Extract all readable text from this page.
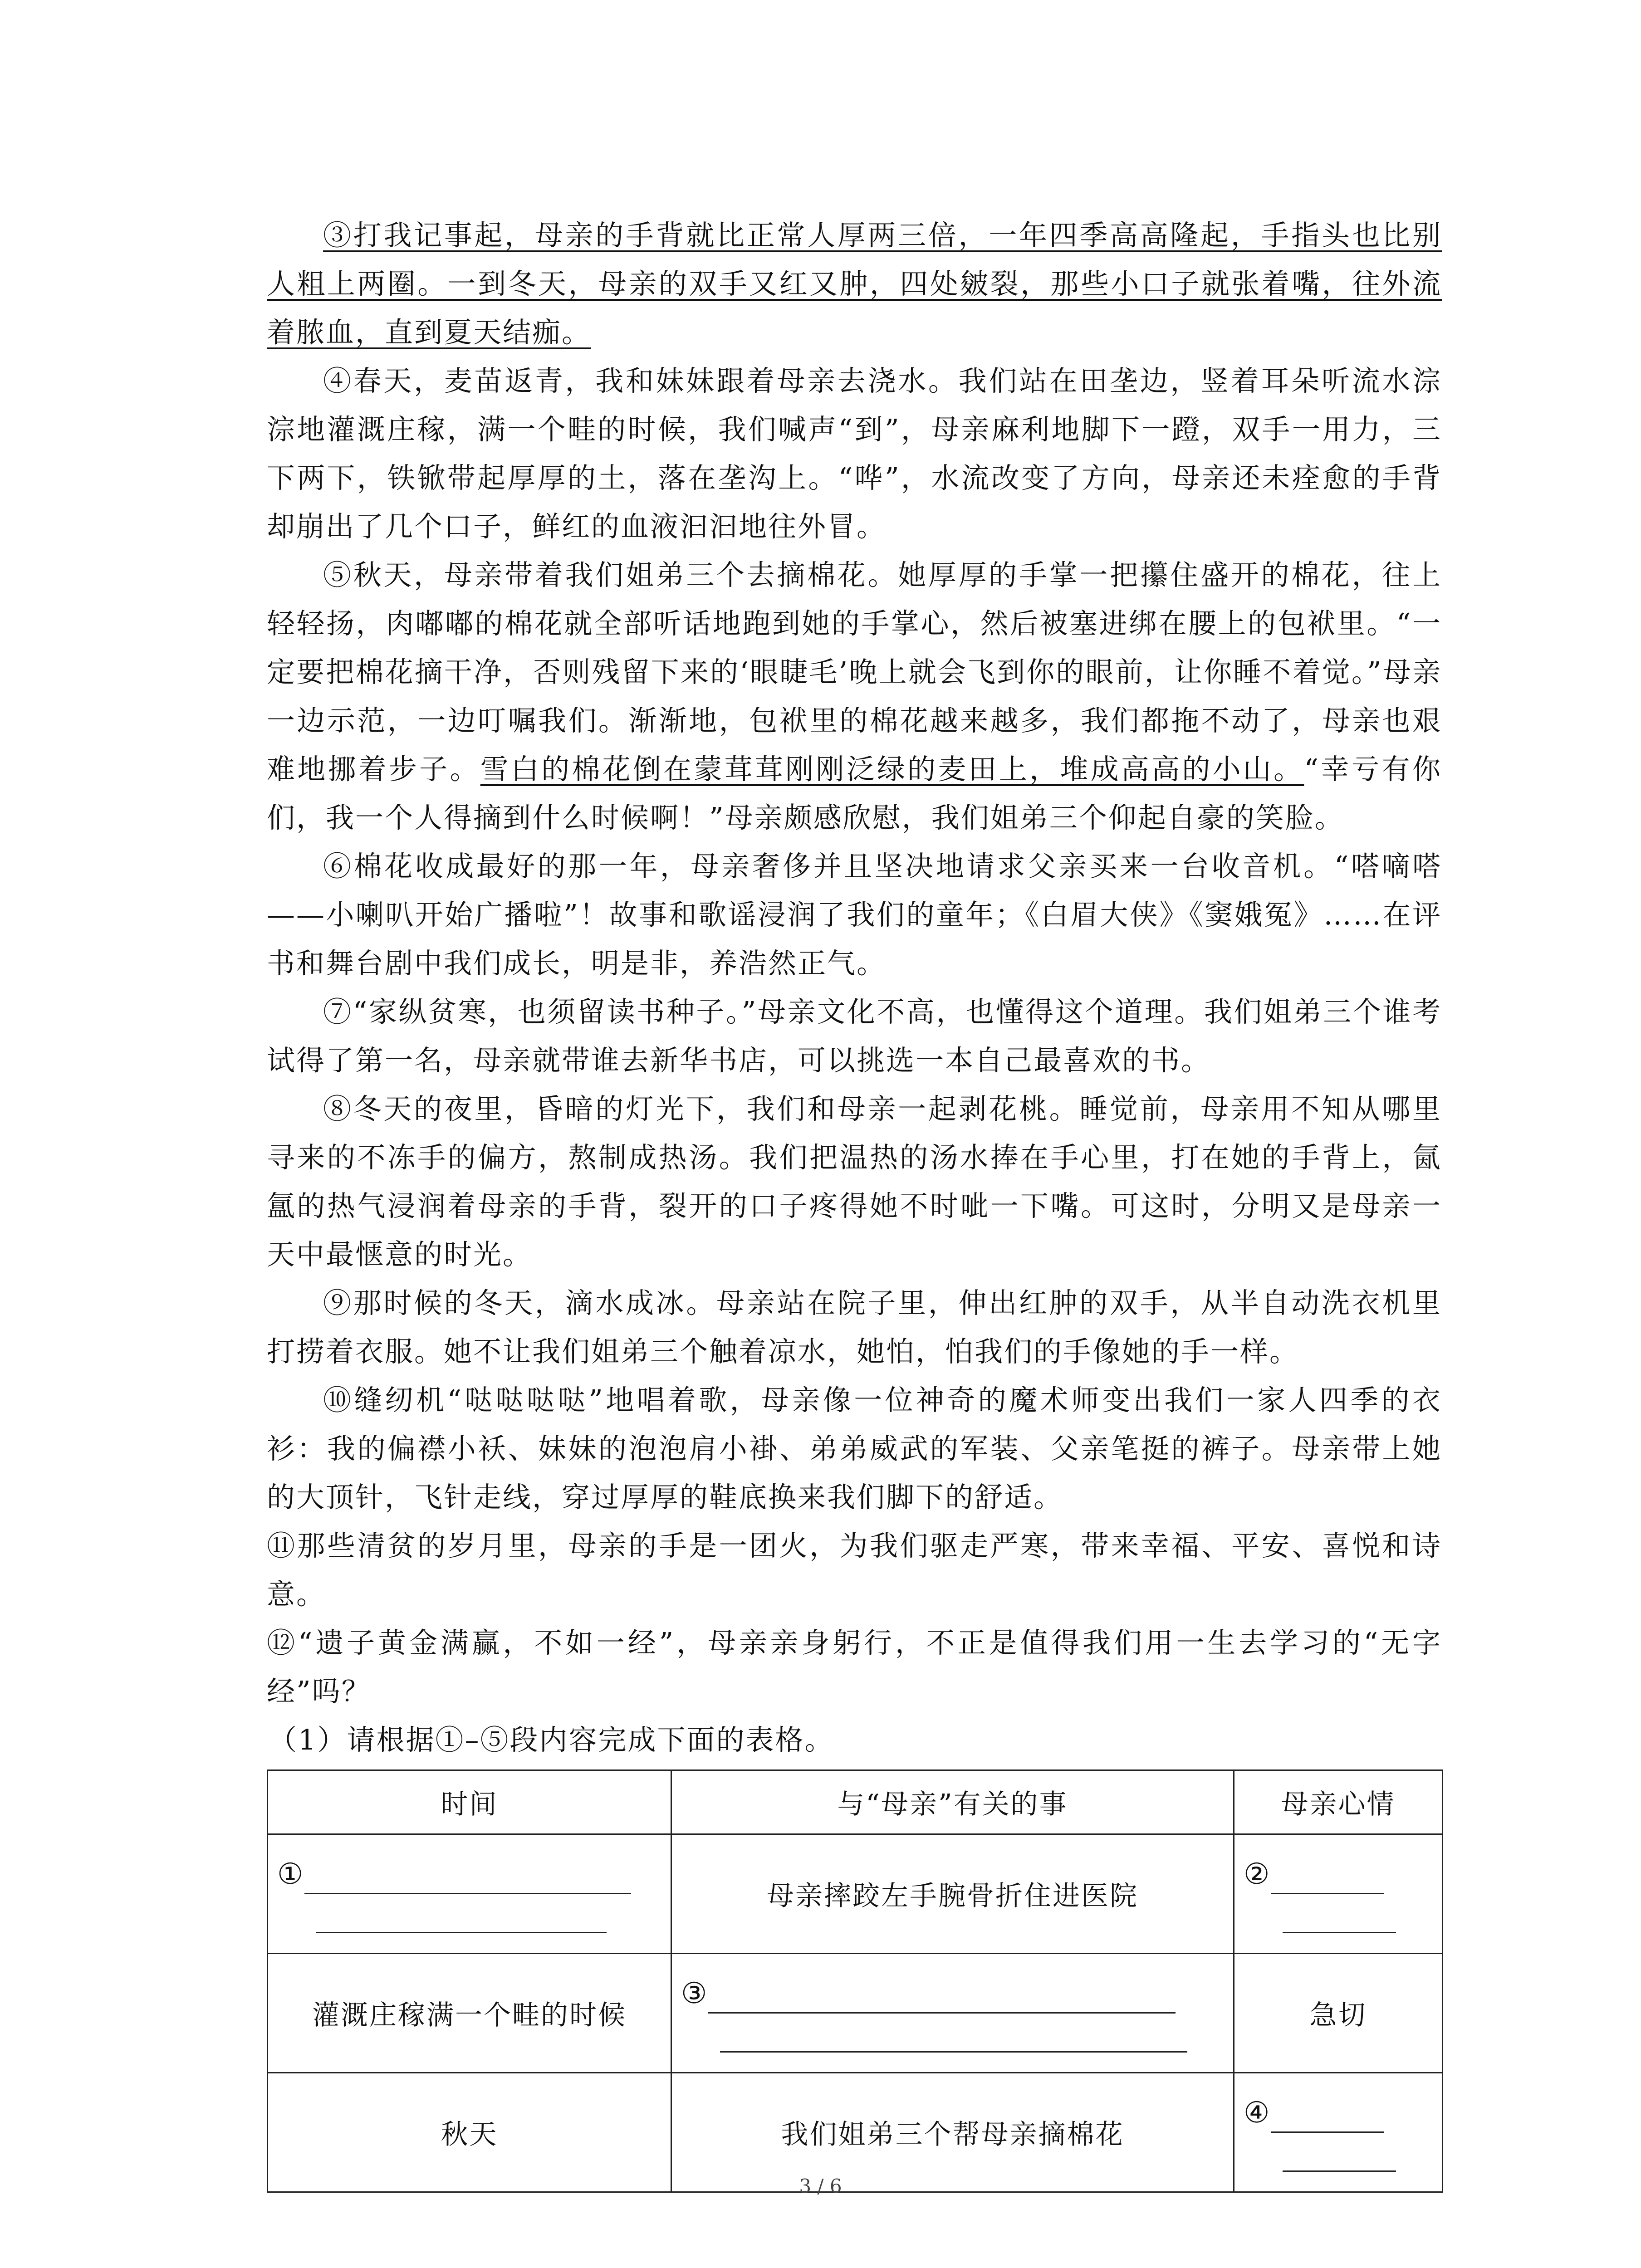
③打我记事起，母亲的手背就比正常人厚两三倍，一年四季高高隆起，手指头也比别人粗上两圈。一到冬天，母亲的双手又红又肿，四处皴裂，那些小口子就张着嘴，往外流着脓血，直到夏天结痂。

④春天，麦苗返青，我和妹妹跟着母亲去浇水。我们站在田垄边，竖着耳朵听流水淙淙地灌溉庄稼，满一个畦的时候，我们喊声“到”，母亲麻利地脚下一蹬，双手一用力，三下两下，铁锨带起厚厚的土，落在垄沟上。“哗”，水流改变了方向，母亲还未痊愈的手背却崩出了几个口子，鲜红的血液汩汩地往外冒。

⑤秋天，母亲带着我们姐弟三个去摘棉花。她厚厚的手掌一把攥住盛开的棉花，往上轻轻扬，肉嘟嘟的棉花就全部听话地跑到她的手掌心，然后被塞进绑在腰上的包袱里。“一定要把棉花摘干净，否则残留下来的‘眼睫毛’晚上就会飞到你的眼前，让你睡不着觉。”母亲一边示范，一边叮嘱我们。渐渐地，包袱里的棉花越来越多，我们都拖不动了，母亲也艰难地挪着步子。雪白的棉花倒在蒙茸茸刚刚泛绿的麦田上，堆成高高的小山。“幸亏有你们，我一个人得摘到什么时候啊！”母亲颇感欣慰，我们姐弟三个仰起自豪的笑脸。

⑥棉花收成最好的那一年，母亲奢侈并且坚决地请求父亲买来一台收音机。“嗒嘀嗒——小喇叭开始广播啦”！故事和歌谣浸润了我们的童年；《白眉大侠》《窦娥冤》……在评书和舞台剧中我们成长，明是非，养浩然正气。

⑦“家纵贫寒，也须留读书种子。”母亲文化不高，也懂得这个道理。我们姐弟三个谁考试得了第一名，母亲就带谁去新华书店，可以挑选一本自己最喜欢的书。

⑧冬天的夜里，昏暗的灯光下，我们和母亲一起剥花桃。睡觉前，母亲用不知从哪里寻来的不冻手的偏方，熬制成热汤。我们把温热的汤水捧在手心里，打在她的手背上，氤氲的热气浸润着母亲的手背，裂开的口子疼得她不时呲一下嘴。可这时，分明又是母亲一天中最惬意的时光。

⑨那时候的冬天，滴水成冰。母亲站在院子里，伸出红肿的双手，从半自动洗衣机里打捞着衣服。她不让我们姐弟三个触着凉水，她怕，怕我们的手像她的手一样。

⑩缝纫机“哒哒哒哒”地唱着歌，母亲像一位神奇的魔术师变出我们一家人四季的衣衫：我的偏襟小袄、妹妹的泡泡肩小褂、弟弟威武的军装、父亲笔挺的裤子。母亲带上她的大顶针，飞针走线，穿过厚厚的鞋底换来我们脚下的舒适。

⑪那些清贫的岁月里，母亲的手是一团火，为我们驱走严寒，带来幸福、平安、喜悦和诗意。

⑫“遗子黄金满赢，不如一经”，母亲亲身躬行，不正是值得我们用一生去学习的“无字经”吗？

（1）请根据①–⑤段内容完成下面的表格。

时间	与“母亲”有关的事	母亲心情

①	母亲摔跤左手腕骨折住进医院	②

灌溉庄稼满一个畦的时候	③	急切
秋天	我们姐弟三个帮母亲摘棉花	④
3 / 6
